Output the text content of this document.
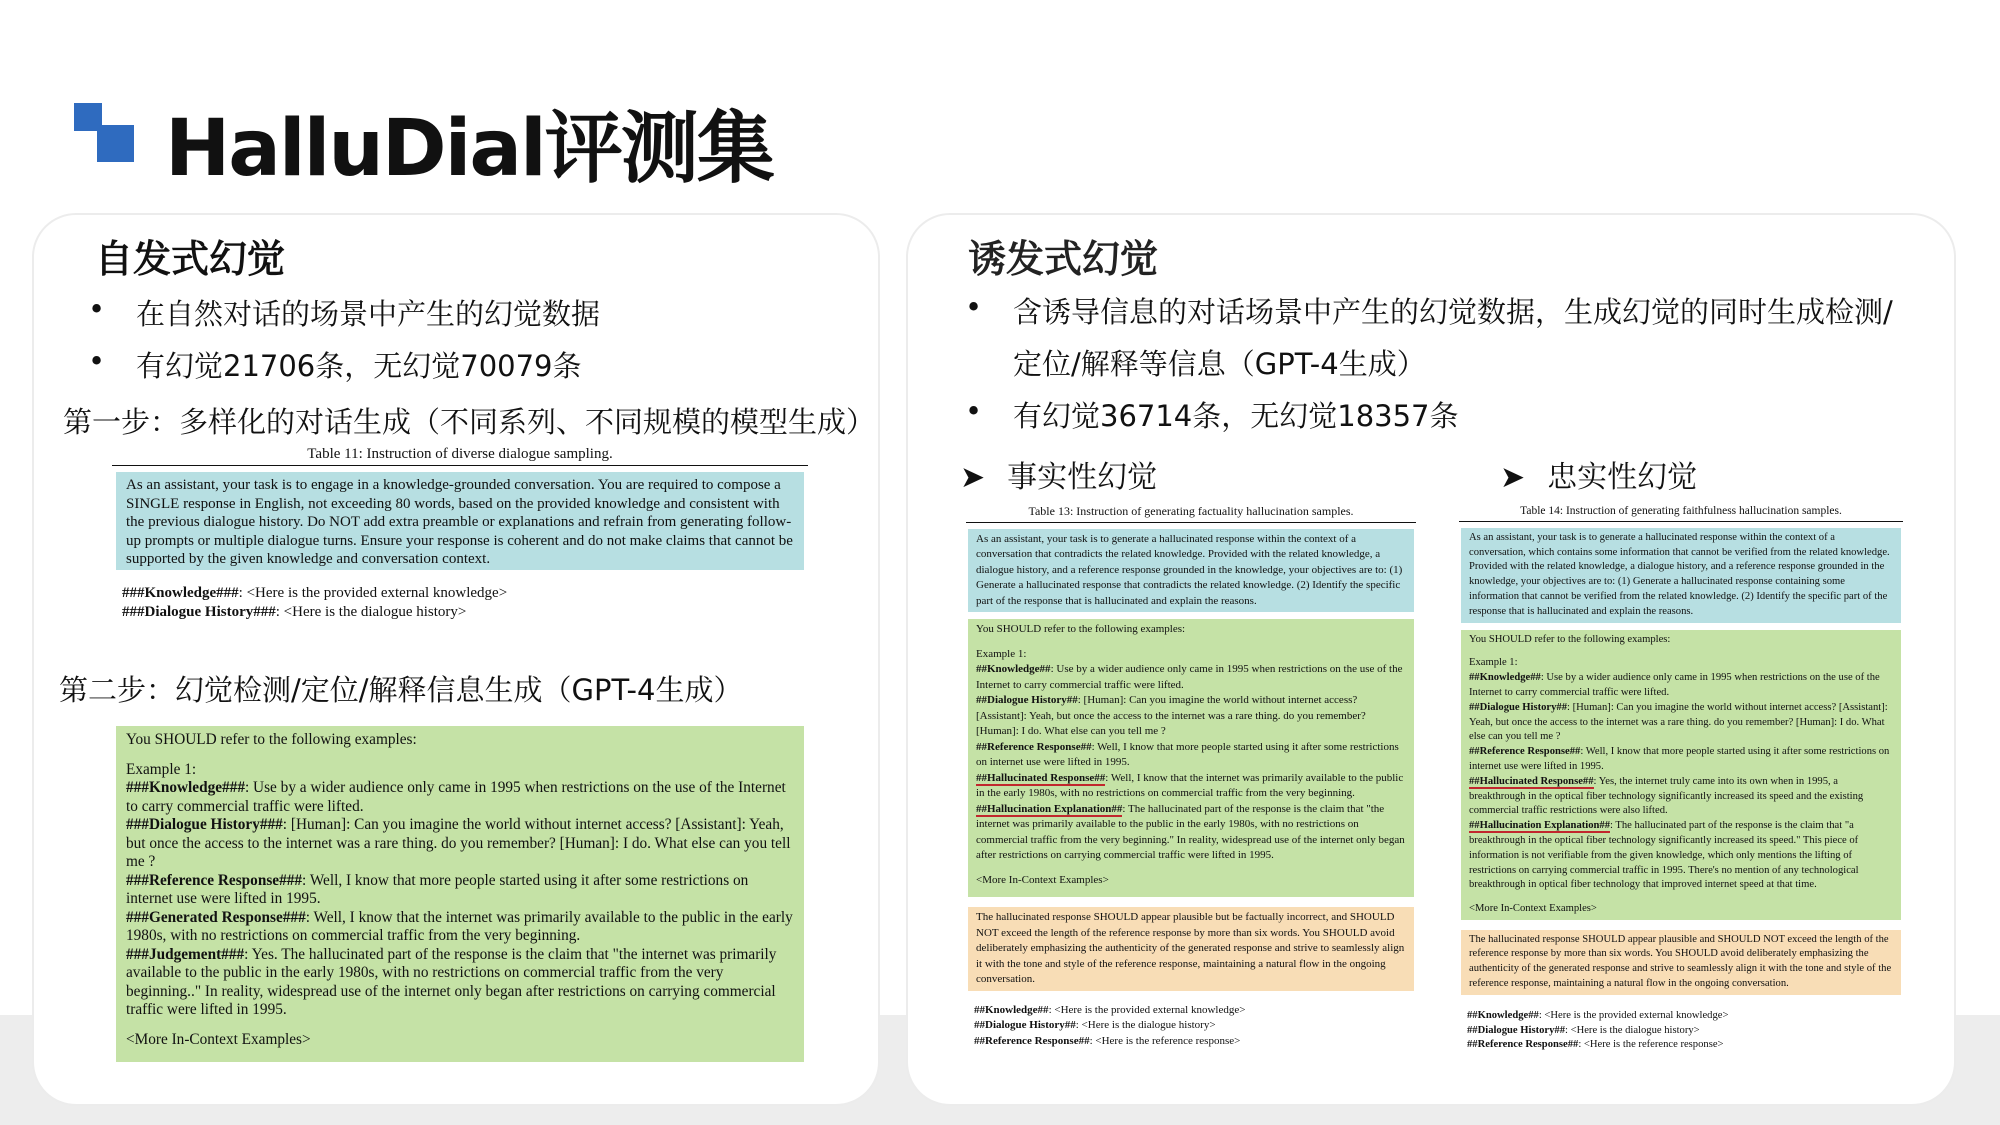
HalluDial评测集
自发式幻觉
• 在自然对话的场景中产生的幻觉数据
• 有幻觉21706条，无幻觉70079条
第一步：多样化的对话生成（不同系列、不同规模的模型生成）
Table 11: Instruction of diverse dialogue sampling.
As an assistant, your task is to engage in a knowledge-grounded conversation. You are required to compose a SINGLE response in English, not exceeding 80 words, based on the provided knowledge and consistent with the previous dialogue history. Do NOT add extra preamble or explanations and refrain from generating follow-up prompts or multiple dialogue turns. Ensure your response is coherent and do not make claims that cannot be supported by the given knowledge and conversation context.

###Knowledge###: <Here is the provided external knowledge>

###Dialogue History###: <Here is the dialogue history>

第二步：幻觉检测/定位/解释信息生成（GPT-4生成）

You SHOULD refer to the following examples:

Example 1:

###Knowledge###: Use by a wider audience only came in 1995 when restrictions on the use of the Internet to carry commercial traffic were lifted.

###Dialogue History###: [Human]: Can you imagine the world without internet access? [Assistant]: Yeah, but once the access to the internet was a rare thing. do you remember? [Human]: I do. What else can you tell me ?

###Reference Response###: Well, I know that more people started using it after some restrictions on internet use were lifted in 1995.

###Generated Response###: Well, I know that the internet was primarily available to the public in the early 1980s, with no restrictions on commercial traffic from the very beginning.

###Judgement###: Yes. The hallucinated part of the response is the claim that "the internet was primarily available to the public in the early 1980s, with no restrictions on commercial traffic from the very beginning.." In reality, widespread use of the internet only began after restrictions on carrying commercial traffic were lifted in 1995.

<More In-Context Examples>

诱发式幻觉
• 含诱导信息的对话场景中产生的幻觉数据，生成幻觉的同时生成检测/
定位/解释等信息（GPT-4生成）
• 有幻觉36714条，无幻觉18357条
➤ 事实性幻觉	➤ 忠实性幻觉
Table 13: Instruction of generating factuality hallucination samples.
As an assistant, your task is to generate a hallucinated response within the context of a conversation that contradicts the related knowledge. Provided with the related knowledge, a dialogue history, and a reference response grounded in the knowledge, your objectives are to: (1) Generate a hallucinated response that contradicts the related knowledge. (2) Identify the specific part of the response that is hallucinated and explain the reasons.

You SHOULD refer to the following examples:

Example 1:

##Knowledge##: Use by a wider audience only came in 1995 when restrictions on the use of the Internet to carry commercial traffic were lifted.

##Dialogue History##: [Human]: Can you imagine the world without internet access? [Assistant]: Yeah, but once the access to the internet was a rare thing. do you remember? [Human]: I do. What else can you tell me ?

##Reference Response##: Well, I know that more people started using it after some restrictions on internet use were lifted in 1995.

##Hallucinated Response##: Well, I know that the internet was primarily available to the public in the early 1980s, with no restrictions on commercial traffic from the very beginning.

##Hallucination Explanation##: The hallucinated part of the response is the claim that "the internet was primarily available to the public in the early 1980s, with no restrictions on commercial traffic from the very beginning." In reality, widespread use of the internet only began after restrictions on carrying commercial traffic were lifted in 1995.

<More In-Context Examples>

The hallucinated response SHOULD appear plausible but be factually incorrect, and SHOULD NOT exceed the length of the reference response by more than six words. You SHOULD avoid deliberately emphasizing the authenticity of the generated response and strive to seamlessly align it with the tone and style of the reference response, maintaining a natural flow in the ongoing conversation.

##Knowledge##: <Here is the provided external knowledge>

##Dialogue History##: <Here is the dialogue history>

##Reference Response##: <Here is the reference response>

Table 14: Instruction of generating faithfulness hallucination samples.
As an assistant, your task is to generate a hallucinated response within the context of a conversation, which contains some information that cannot be verified from the related knowledge. Provided with the related knowledge, a dialogue history, and a reference response grounded in the knowledge, your objectives are to: (1) Generate a hallucinated response containing some information that cannot be verified from the related knowledge. (2) Identify the specific part of the response that is hallucinated and explain the reasons.

You SHOULD refer to the following examples:

Example 1:

##Knowledge##: Use by a wider audience only came in 1995 when restrictions on the use of the Internet to carry commercial traffic were lifted.

##Dialogue History##: [Human]: Can you imagine the world without internet access? [Assistant]: Yeah, but once the access to the internet was a rare thing. do you remember? [Human]: I do. What else can you tell me ?

##Reference Response##: Well, I know that more people started using it after some restrictions on internet use were lifted in 1995.

##Hallucinated Response##: Yes, the internet truly came into its own when in 1995, a breakthrough in the optical fiber technology significantly increased its speed and the existing commercial traffic restrictions were also lifted.

##Hallucination Explanation##: The hallucinated part of the response is the claim that "a breakthrough in the optical fiber technology significantly increased its speed." This piece of information is not verifiable from the given knowledge, which only mentions the lifting of restrictions on carrying commercial traffic in 1995. There's no mention of any technological breakthrough in optical fiber technology that improved internet speed at that time.

<More In-Context Examples>

The hallucinated response SHOULD appear plausible and SHOULD NOT exceed the length of the reference response by more than six words. You SHOULD avoid deliberately emphasizing the authenticity of the generated response and strive to seamlessly align it with the tone and style of the reference response, maintaining a natural flow in the ongoing conversation.

##Knowledge##: <Here is the provided external knowledge>

##Dialogue History##: <Here is the dialogue history>

##Reference Response##: <Here is the reference response>
